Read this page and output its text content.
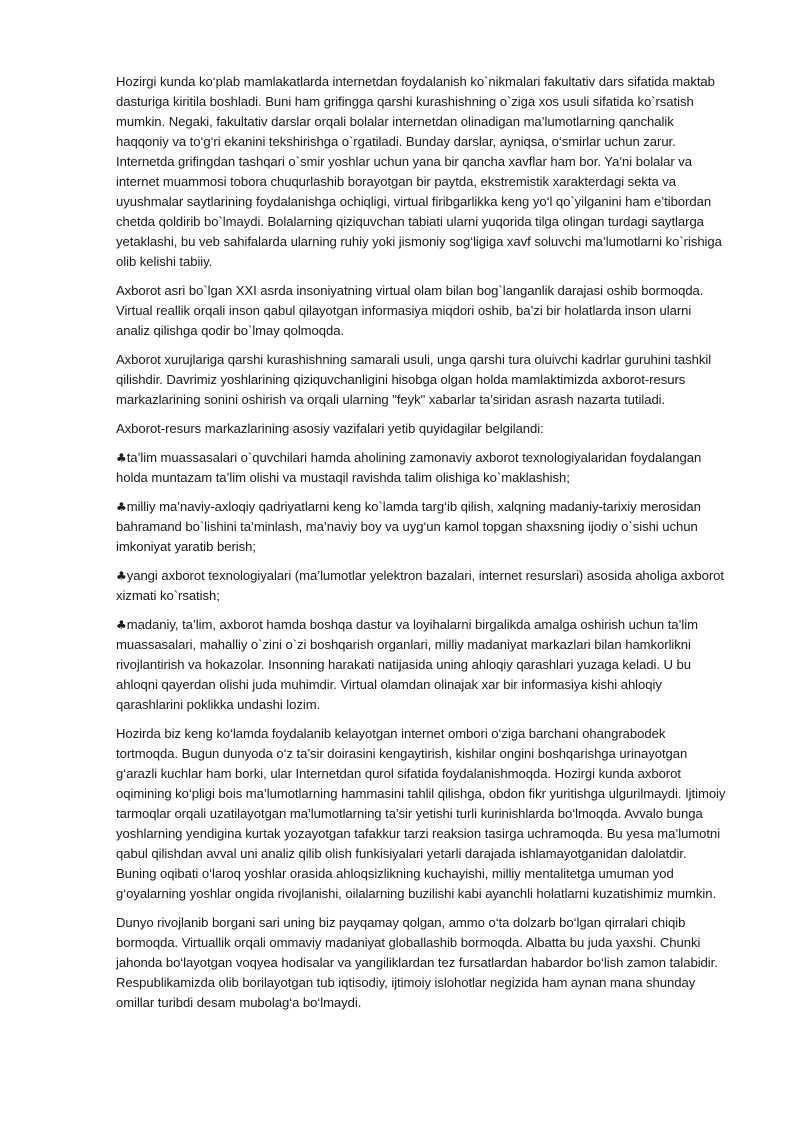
Hozirgi kunda ko‘plab mamlakatlarda internetdan foydalanish ko`nikmalari fakultativ dars sifatida maktab dasturiga kiritila boshladi. Buni ham grifingga qarshi kurashishning o`ziga xos usuli sifatida ko`rsatish mumkin. Negaki, fakultativ darslar orqali bolalar internetdan olinadigan ma’lumotlarning qanchalik haqqoniy va to‘g‘ri ekanini tekshirishga o`rgatiladi. Bunday darslar, ayniqsa, o‘smirlar uchun zarur. Internetda grifingdan tashqari o`smir yoshlar uchun yana bir qancha xavflar ham bor. Ya’ni bolalar va internet muammosi tobora chuqurlashib borayotgan bir paytda, ekstremistik xarakterdagi sekta va uyushmalar saytlarining foydalanishga ochiqligi, virtual firibgarlikka keng yo‘l qo`yilganini ham e’tibordan chetda qoldirib bo`lmaydi. Bolalarning qiziquvchan tabiati ularni yuqorida tilga olingan turdagi saytlarga yetaklashi, bu veb sahifalarda ularning ruhiy yoki jismoniy sog‘ligiga xavf soluvchi ma’lumotlarni ko`rishiga olib kelishi tabiiy.

Axborot asri bo`lgan XXI asrda insoniyatning virtual olam bilan bog`langanlik darajasi oshib bormoqda. Virtual reallik orqali inson qabul qilayotgan informasiya miqdori oshib, ba’zi bir holatlarda inson ularni analiz qilishga qodir bo`lmay qolmoqda.

Axborot xurujlariga qarshi kurashishning samarali usuli, unga qarshi tura oluivchi kadrlar guruhini tashkil qilishdir. Davrimiz yoshlarining qiziquvchanligini hisobga olgan holda mamlaktimizda axborot-resurs markazlarining sonini oshirish va orqali ularning "feyk" xabarlar ta’siridan asrash nazarta tutiladi.

Axborot-resurs markazlarining asosiy vazifalari yetib quyidagilar belgilandi:

♣ta’lim muassasalari o`quvchilari hamda aholining zamonaviy axborot texnologiyalaridan foydalangan holda muntazam ta’lim olishi va mustaqil ravishda talim olishiga ko`maklashish;

♣milliy ma’naviy-axloqiy qadriyatlarni keng ko`lamda targ‘ib qilish, xalqning madaniy-tarixiy merosidan bahramand bo`lishini ta’minlash, ma’naviy boy va uyg‘un kamol topgan shaxsning ijodiy o`sishi uchun imkoniyat yaratib berish;

♣yangi axborot texnologiyalari (ma’lumotlar yelektron bazalari, internet resurslari) asosida aholiga axborot xizmati ko`rsatish;

♣madaniy, ta’lim, axborot hamda boshqa dastur va loyihalarni birgalikda amalga oshirish uchun ta’lim muassasalari, mahalliy o`zini o`zi boshqarish organlari, milliy madaniyat markazlari bilan hamkorlikni rivojlantirish va hokazolar. Insonning harakati natijasida uning ahloqiy qarashlari yuzaga keladi. U bu ahloqni qayerdan olishi juda muhimdir. Virtual olamdan olinajak xar bir informasiya kishi ahloqiy qarashlarini poklikka undashi lozim.

Hozirda biz keng ko‘lamda foydalanib kelayotgan internet ombori o‘ziga barchani ohangrabodek tortmoqda. Bugun dunyoda o‘z ta’sir doirasini kengaytirish, kishilar ongini boshqarishga urinayotgan g‘arazli kuchlar ham borki, ular Internetdan qurol sifatida foydalanishmoqda. Hozirgi kunda axborot oqimining ko‘pligi bois ma’lumotlarning hammasini tahlil qilishga, obdon fikr yuritishga ulgurilmaydi. Ijtimoiy tarmoqlar orqali uzatilayotgan ma’lumotlarning ta’sir yetishi turli kurinishlarda bo‘lmoqda. Avvalo bunga yoshlarning yendigina kurtak yozayotgan tafakkur tarzi reaksion tasirga uchramoqda. Bu yesa ma’lumotni qabul qilishdan avval uni analiz qilib olish funkisiyalari yetarli darajada ishlamayotganidan dalolatdir. Buning oqibati o‘laroq yoshlar orasida ahloqsizlikning kuchayishi, milliy mentalitetga umuman yod g‘oyalarning yoshlar ongida rivojlanishi, oilalarning buzilishi kabi ayanchli holatlarni kuzatishimiz mumkin.

Dunyo rivojlanib borgani sari uning biz payqamay qolgan, ammo o‘ta dolzarb bo‘lgan qirralari chiqib bormoqda. Virtuallik orqali ommaviy madaniyat globallashib bormoqda. Albatta bu juda yaxshi. Chunki jahonda bo‘layotgan voqyea hodisalar va yangiliklardan tez fursatlardan habardor bo‘lish zamon talabidir. Respublikamizda olib borilayotgan tub iqtisodiy, ijtimoiy islohotlar negizida ham aynan mana shunday omillar turibdi desam mubolag‘a bo‘lmaydi.
